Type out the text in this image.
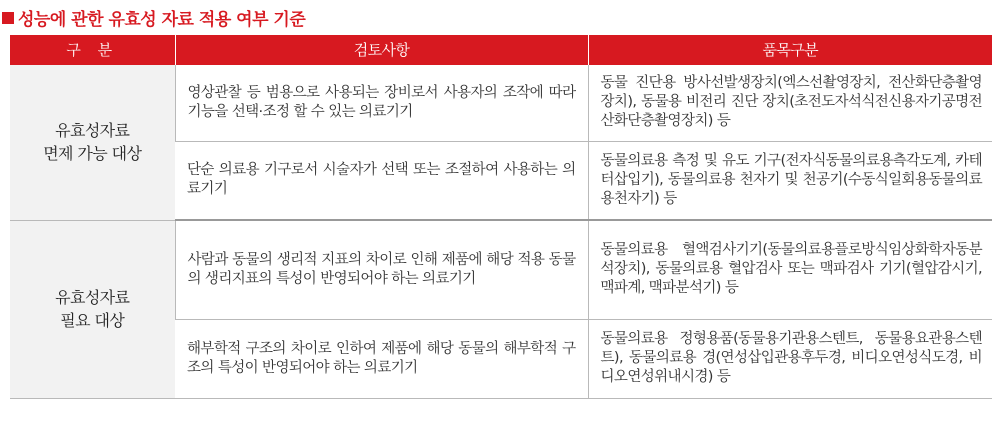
성능에 관한 유효성 자료 적용 여부 기준
구 분	검토사항	품목구분
유효성자료
면제 가능 대상	영상관찰 등 범용으로 사용되는 장비로서 사용자의 조작에 따라 기능을 선택·조정 할 수 있는 의료기기	동물 진단용 방사선발생장치(엑스선촬영장치, 전산화단층촬영장치), 동물용 비전리 진단 장치(초전도자석식전신용자기공명전산화단층촬영장치) 등
	단순 의료용 기구로서 시술자가 선택 또는 조절하여 사용하는 의료기기	동물의료용 측정 및 유도 기구(전자식동물의료용측각도계, 카테터삽입기), 동물의료용 천자기 및 천공기(수동식일회용동물의료용천자기) 등
유효성자료
필요 대상	사람과 동물의 생리적 지표의 차이로 인해 제품에 해당 적용 동물의 생리지표의 특성이 반영되어야 하는 의료기기	동물의료용 혈액검사기기(동물의료용플로방식임상화학자동분석장치), 동물의료용 혈압검사 또는 맥파검사 기기(혈압감시기, 맥파계, 맥파분석기) 등
	해부학적 구조의 차이로 인하여 제품에 해당 동물의 해부학적 구조의 특성이 반영되어야 하는 의료기기	동물의료용 정형용품(동물용기관용스텐트, 동물용요관용스텐트), 동물의료용 경(연성삽입관용후두경, 비디오연성식도경, 비디오연성위내시경) 등
